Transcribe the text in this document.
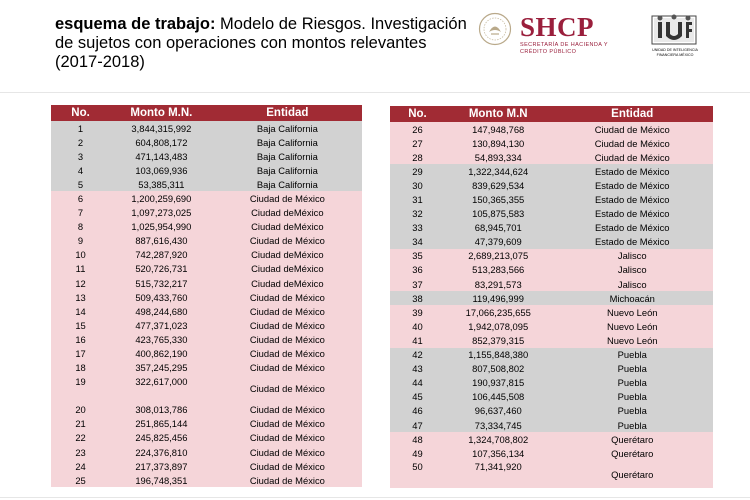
esquema de trabajo: Modelo de Riesgos. Investigación de sujetos con operaciones con montos relevantes (2017-2018)
SHCP
SECRETARÍA DE HACIENDA Y CRÉDITO PÚBLICO	UNIDAD DE INTELIGENCIA FINANCIERA MÉXICO
No.	Monto M.N.	Entidad
1	3,844,315,992	Baja California
2	604,808,172	Baja California
3	471,143,483	Baja California
4	103,069,936	Baja California
5	53,385,311	Baja California
6	1,200,259,690	Ciudad de México
7	1,097,273,025	Ciudad deMéxico
8	1,025,954,990	Ciudad deMéxico
9	887,616,430	Ciudad de México
10	742,287,920	Ciudad deMéxico
11	520,726,731	Ciudad deMéxico
12	515,732,217	Ciudad deMéxico
13	509,433,760	Ciudad de México
14	498,244,680	Ciudad de México
15	477,371,023	Ciudad de México
16	423,765,330	Ciudad de México
17	400,862,190	Ciudad de México
18	357,245,295	Ciudad de México
19	322,617,000	Ciudad de México
20	308,013,786	Ciudad de México
21	251,865,144	Ciudad de México
22	245,825,456	Ciudad de México
23	224,376,810	Ciudad de México
24	217,373,897	Ciudad de México
25	196,748,351	Ciudad de México
No.	Monto M.N	Entidad
26	147,948,768	Ciudad de México
27	130,894,130	Ciudad de México
28	54,893,334	Ciudad de México
29	1,322,344,624	Estado de México
30	839,629,534	Estado de México
31	150,365,355	Estado de México
32	105,875,583	Estado de México
33	68,945,701	Estado de México
34	47,379,609	Estado de México
35	2,689,213,075	Jalisco
36	513,283,566	Jalisco
37	83,291,573	Jalisco
38	119,496,999	Michoacán
39	17,066,235,655	Nuevo León
40	1,942,078,095	Nuevo León
41	852,379,315	Nuevo León
42	1,155,848,380	Puebla
43	807,508,802	Puebla
44	190,937,815	Puebla
45	106,445,508	Puebla
46	96,637,460	Puebla
47	73,334,745	Puebla
48	1,324,708,802	Querétaro
49	107,356,134	Querétaro
50	71,341,920	Querétaro
